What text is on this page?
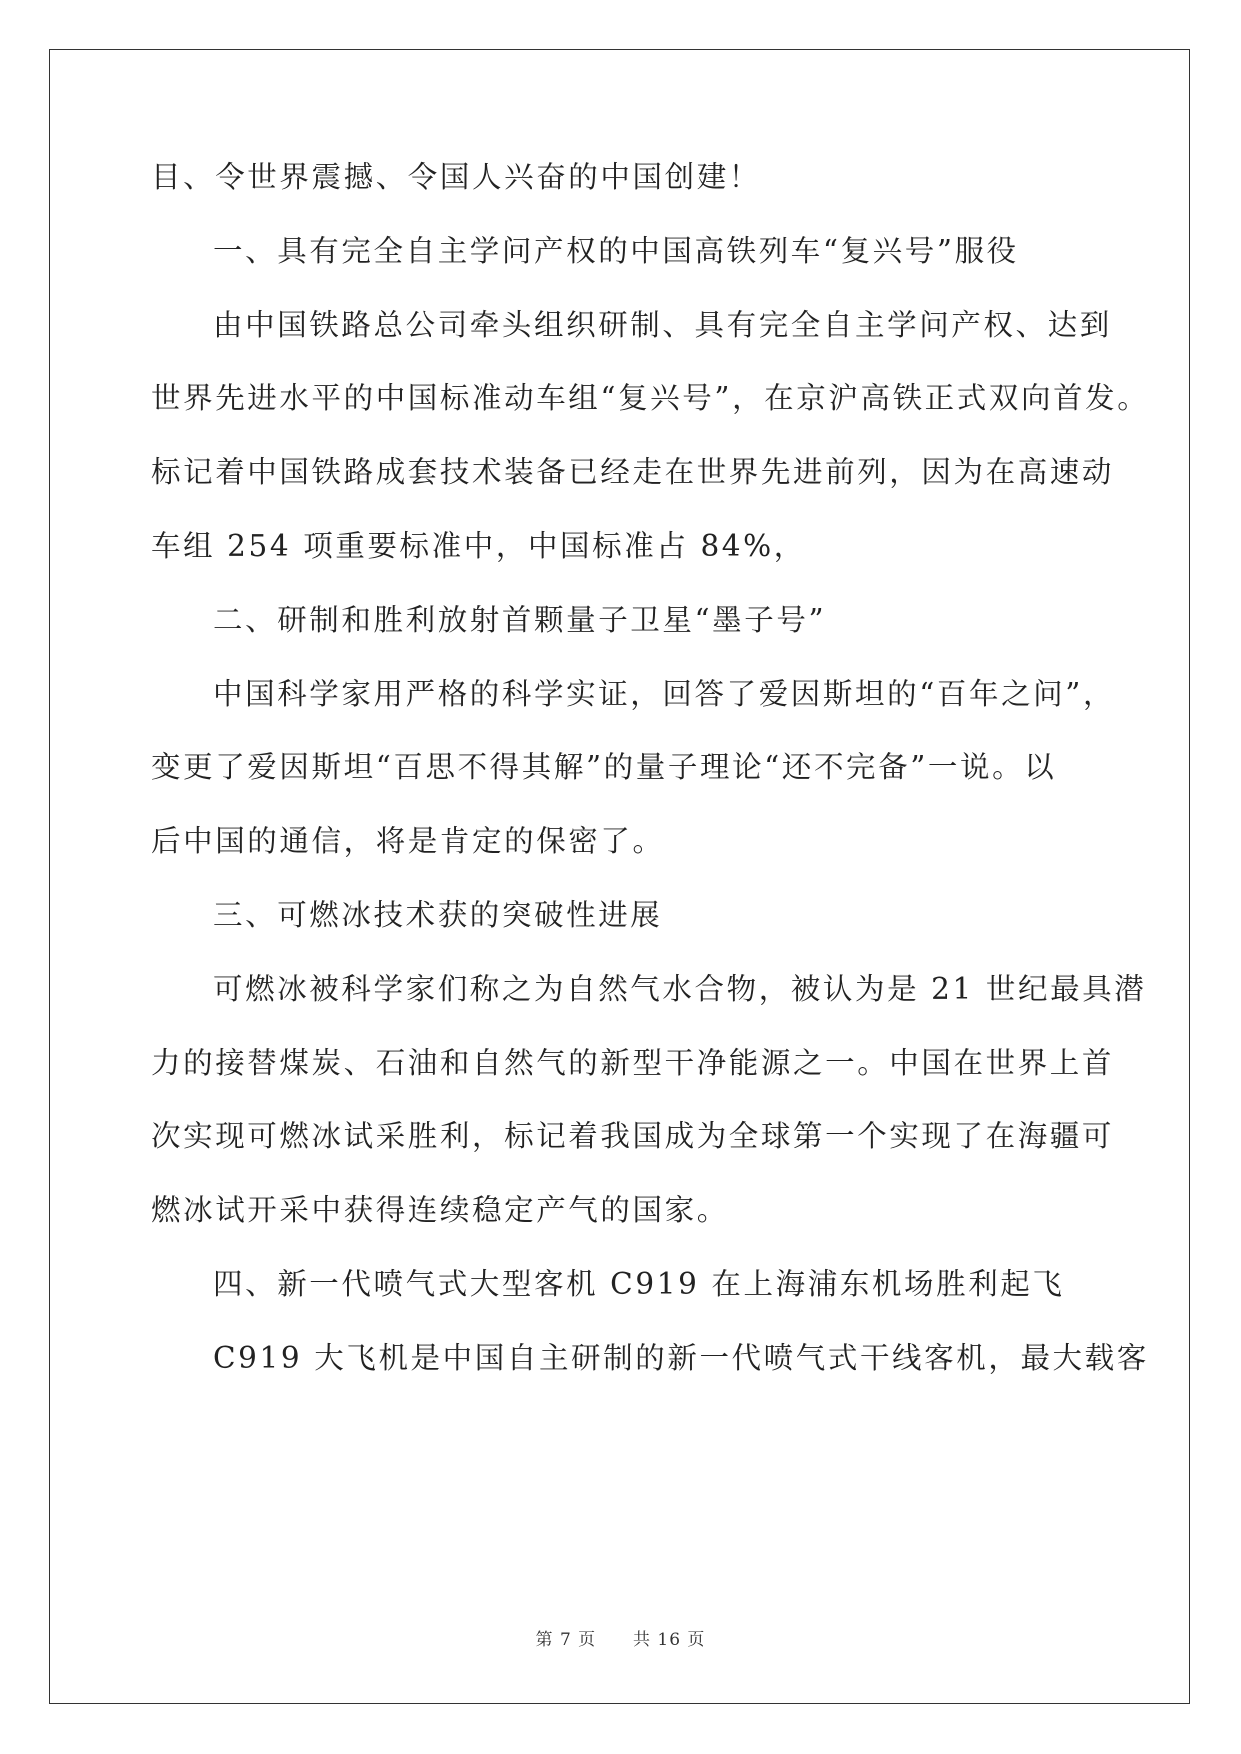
目、令世界震撼、令国人兴奋的中国创建！
一、具有完全自主学问产权的中国高铁列车“复兴号”服役
由中国铁路总公司牵头组织研制、具有完全自主学问产权、达到
世界先进水平的中国标准动车组“复兴号”，在京沪高铁正式双向首发。
标记着中国铁路成套技术装备已经走在世界先进前列，因为在高速动
车组 254 项重要标准中，中国标准占 84%，
二、研制和胜利放射首颗量子卫星“墨子号”
中国科学家用严格的科学实证，回答了爱因斯坦的“百年之问”，
变更了爱因斯坦“百思不得其解”的量子理论“还不完备”一说。以
后中国的通信，将是肯定的保密了。
三、可燃冰技术获的突破性进展
可燃冰被科学家们称之为自然气水合物，被认为是 21 世纪最具潜
力的接替煤炭、石油和自然气的新型干净能源之一。中国在世界上首
次实现可燃冰试采胜利，标记着我国成为全球第一个实现了在海疆可
燃冰试开采中获得连续稳定产气的国家。
四、新一代喷气式大型客机 C919 在上海浦东机场胜利起飞
C919 大飞机是中国自主研制的新一代喷气式干线客机，最大载客
第 7 页 共 16 页
